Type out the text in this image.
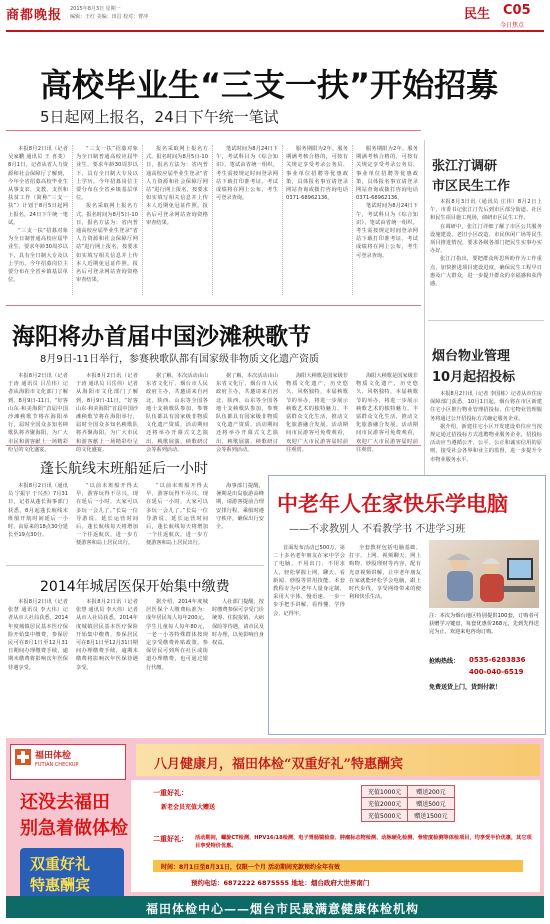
商都晚报 2015年8月3日 星期一
编辑：王红 美编：田昌 校对：曹冲	民生 C05
今日焦点
高校毕业生“三支一扶”开始招募
5日起网上报名，24日下午统一笔试

本报8月2日讯（记者 吴家鹏 通讯员 王 喜斐）8月1日，记者从省人力资源和社会保障厅了解到，今年全省招募高校毕业生从事支农、支教、支医和扶贫工作（简称“三支一扶”）计划于8月5日起网上报名，24日下午统一笔试。

“三支一扶”招募对象为全日制普通高校应届毕业生，要求年龄30周岁以下，具有全日制大专及以上学历。今年招募岗位主要分布在全省乡镇基层单位。

“三支一扶”招募对象为全日制普通高校应届毕业生，要求年龄30周岁以下，具有全日制大专及以上学历。今年招募岗位主要分布在全省乡镇基层单位。

报名采取网上报名方式。报名时间为8月5日-10日，报名方法为：省内普通高校应届毕业生登录“省人力资源和社会保障厅网站”进行网上报名，按要求如实填写相关信息并上传本人近期免冠证件照。报名后可登录网站查询资格审查结果。

报名采取网上报名方式。报名时间为8月5日-10日，报名方法为：省内普通高校应届毕业生登录“省人力资源和社会保障厅网站”进行网上报名，按要求如实填写相关信息并上传本人近期免冠证件照。报名后可登录网站查询资格审查结果。

笔试时间为8月24日下午，考试科目为《综合知识》，笔试由省统一组织。考生需按规定时间登录网站下载打印准考证。考试成绩将在网上公布，考生可登录查询。

服务期限为2年。服务期满考核合格的，可按有关规定享受考录公务员、事业单位招聘等优惠政策，具体报名事宜请登录网站查询或拨打咨询电话0371-68962136。

服务期限为2年。服务期满考核合格的，可按有关规定享受考录公务员、事业单位招聘等优惠政策，具体报名事宜请登录网站查询或拨打咨询电话0371-68962136。

笔试时间为8月24日下午，考试科目为《综合知识》，笔试由省统一组织。考生需按规定时间登录网站下载打印准考证。考试成绩将在网上公布，考生可登录查询。

张江汀调研
市区民生工作

本报8月3日讯（通讯员 庄伟）8月2日上午，市委书记张江汀先后到市区部分街道、社区和民生项目施工现场，调研市区民生工作。

在调研中，张江汀详细了解了市区公共服务设施建设、老旧小区改造、市民休闲广场等民生项目推进情况，要求各级各部门把民生实事办实办好。

张江汀指出，要把群众所思所盼作为工作重点，加快推进项目建设进度，确保民生工程早日惠及广大群众，进一步提升群众的幸福感和获得感。

海阳将办首届中国沙滩秧歌节
8月9日-11日举行，参赛秧歌队都有国家级非物质文化遗产资质

本报8月2日讯（记者 于涛 通讯员 吕岳伟）记者从海阳市文化部门了解到，8月9日-11日，“好客山东·和美海阳”首届中国沙滩秧歌节将在海阳举行，届时全国众多知名秧歌队将齐聚海阳，为广大市民和游客献上一场精彩纷呈的文化盛宴。

本报8月2日讯（记者 于涛 通讯员 吕岳伟）记者从海阳市文化部门了解到，8月9日-11日，“好客山东·和美海阳”首届中国沙滩秧歌节将在海阳举行，届时全国众多知名秧歌队将齐聚海阳，为广大市民和游客献上一场精彩纷呈的文化盛宴。

据了解，本次活动由山东省文化厅、烟台市人民政府主办，共邀请来自河北、陕西、山东等全国各地十支秧歌队参加，参赛队伍都具有国家级非物质文化遗产资质，活动期间还将举办开幕式文艺演出、秧歌展演、秧歌研讨会等系列活动。

据了解，本次活动由山东省文化厅、烟台市人民政府主办，共邀请来自河北、陕西、山东等全国各地十支秧歌队参加，参赛队伍都具有国家级非物质文化遗产资质，活动期间还将举办开幕式文艺演出、秧歌展演、秧歌研讨会等系列活动。

海阳大秧歌是国家级非物质文化遗产，历史悠久、风格独特，本届秧歌节的举办，将进一步展示秧歌艺术的独特魅力，丰富群众文化生活，推动文化旅游融合发展。活动期间市民游客可免费观看，欢迎广大市民游客届时前往观赏。

海阳大秧歌是国家级非物质文化遗产，历史悠久、风格独特，本届秧歌节的举办，将进一步展示秧歌艺术的独特魅力，丰富群众文化生活，推动文化旅游融合发展。活动期间市民游客可免费观看，欢迎广大市民游客届时前往观赏。

烟台物业管理
10月起招投标

本报8月2日讯（记者 李国栋）记者从市住房保障部门获悉，10月1日起，烟台将在市区新建住宅小区推行物业管理招投标，住宅物业管理服务将通过公开招投标方式确定服务企业。

据介绍，新建住宅小区开发建设单位应当按规定通过招投标方式选聘物业服务企业，招投标活动应当遵循公开、公平、公正和诚实信用的原则，接受社会各界和业主的监督，进一步提升全市物业服务水平。

蓬长航线末班船延后一小时

本报8月2日讯（通讯员 宁振宇 于兴杰）7月31日，记者从蓬长海事部门获悉，8月起蓬长航线末班船开航时间延后一小时，由原来的18点30分延长至19点30分。

“以前末班船开得太早，游客玩得不尽兴，现在延后一小时，大家可以多玩一会儿了。”长岛一位导游说。延长运营时间后，蓬长航线每天将增加一个往返航次，进一步方便游客和岛上居民出行。

“以前末班船开得太早，游客玩得不尽兴，现在延后一小时，大家可以多玩一会儿了。”长岛一位导游说。延长运营时间后，蓬长航线每天将增加一个往返航次，进一步方便游客和岛上居民出行。

海事部门提醒，暑期是出岛旅游高峰期，请游客提前合理安排行程，乘船时遵守秩序，确保出行安全。

2014年城居医保开始集中缴费

本报8月2日讯（记者 张慧 通讯员 李大伟）记者从市人社局获悉，2014年度城镇居民基本医疗保险开始集中缴费，参保居民可在8月1日至12月31日期间办理缴费手续，逾期未缴费将影响次年医保待遇享受。

本报8月2日讯（记者 张慧 通讯员 李大伟）记者从市人社局获悉，2014年度城镇居民基本医疗保险开始集中缴费，参保居民可在8月1日至12月31日期间办理缴费手续，逾期未缴费将影响次年医保待遇享受。

据介绍，2014年度城居医保个人缴费标准为：成年居民每人每年200元，学生儿童每人每年80元，一老一小等特殊群体按规定享受缴费补贴政策。参保居民可到所在社区或街道办理缴费，也可通过银行代缴。

人社部门提醒，按时缴费参保可享受门诊统筹、住院报销、大病保险等待遇，请市民及时办理，以免影响自身权益。

中老年人在家快乐学电脑
——不求教别人 不看教学书 不进学习班

首面发布活动已500万，第二十多名老年朋友在家中学会了电脑，不用出门、不用求人，轻松掌握上网、聊天、看新闻、炒股等常用技能。本套教程专为中老年人量身定制，采用大字体、慢语速、一步一步手把手讲解，看得懂、学得会、记得牢。

全套教材包括电脑基础、打字、上网、视频聊天、网上购物、炒股理财等内容，配有光盘视频讲解，让中老年朋友在家就能轻松学会电脑，跟上时代步伐，享受网络带来的便利和快乐生活。

注：本次为烟台地区特别提供100套，订购者可获赠学习键盘，每套优惠价268元，先到先得送完为止，欢迎来电咨询订购。
抢购热线： 0535-6283836
400-040-6519
免费送货上门，货到付款！
福田体检
FUTIAN CHECKUP	八月健康月，福田体检“双重好礼”特惠酬宾
还没去福田
别急着做体检
双重好礼
特惠酬宾
一重好礼：
新老会员充值大赠送
充值1000元	赠送200元
充值2000元	赠送500元
充值5000元	赠送1500元
二重好礼： 活动期间，螺旋CT检测、HPV16/18检测、电子胃肠镜检查、肿瘤标志物检测、动脉硬化检测、骨密度检测等体检项目，均享受半价优惠，其它项目享受特价优惠。
时间：8月1日至8月31日，仅限一个月 活动期间充款预约全年有效
预约电话：6872222 6875555 地址：烟台政府大世界南门
福田体检中心——烟台市民最满意健康体检机构
